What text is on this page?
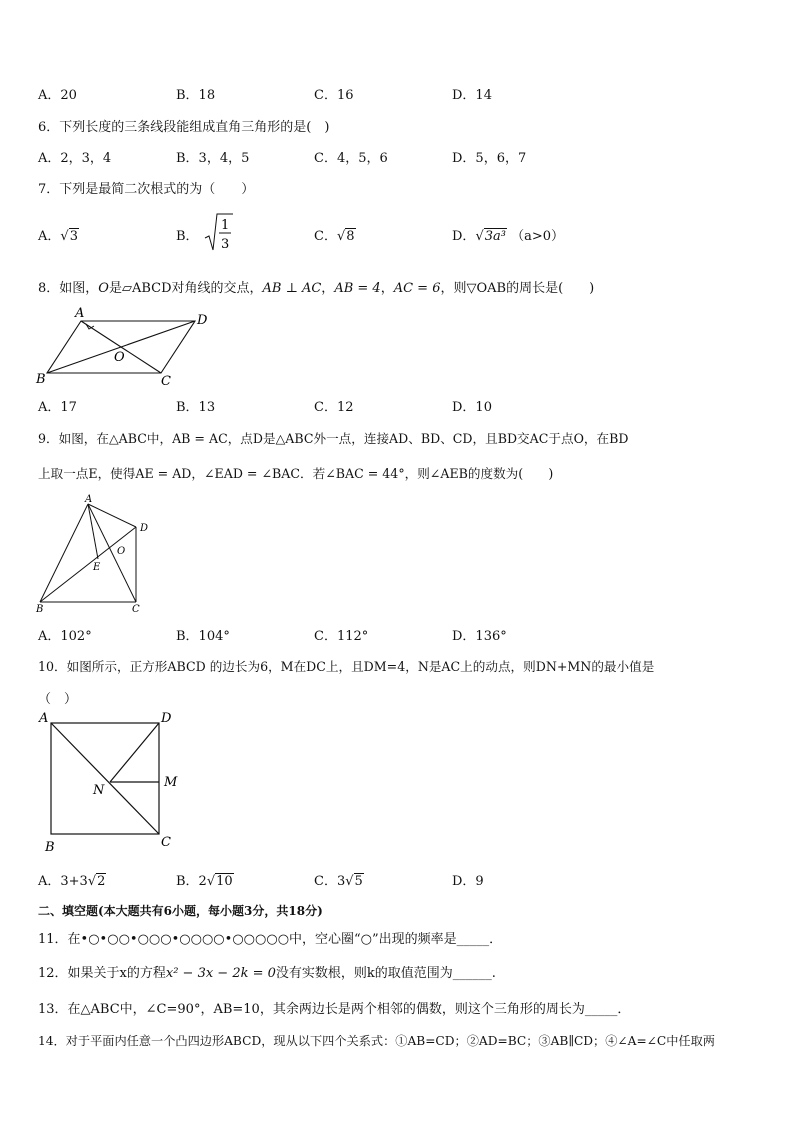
A．20	B．18	C．16	D．14
6．下列长度的三条线段能组成直角三角形的是(　)
A．2，3，4	B．3，4，5	C．4，5，6	D．5，6，7
7．下列是最简二次根式的为（　　）
A．√3	B．
1
3
C．√8	D．√3a³ （a>0）
8．如图，O是▱ABCD对角线的交点，AB ⊥ AC，AB = 4，AC = 6，则▽OAB的周长是(　　)
A	D
O
B	C
A．17	B．13	C．12	D．10
9．如图，在△ABC中，AB = AC，点D是△ABC外一点，连接AD、BD、CD，且BD交AC于点O，在BD
上取一点E，使得AE = AD，∠EAD = ∠BAC．若∠BAC = 44°，则∠AEB的度数为(　　)
A
D
O
E
B	C
A．102°	B．104°	C．112°	D．136°
10．如图所示，正方形ABCD 的边长为6，M在DC上，且DM=4，N是AC上的动点，则DN+MN的最小值是
（　）
A	D
M
N
B	C
A．3+3√2	B．2√10	C．3√5	D．9
二、填空题(本大题共有6小题，每小题3分，共18分)
11．在•○•○○•○○○•○○○○•○○○○○中，空心圈“○”出现的频率是_____．
12．如果关于x的方程x² − 3x − 2k = 0没有实数根，则k的取值范围为______.
13．在△ABC中，∠C=90°，AB=10，其余两边长是两个相邻的偶数，则这个三角形的周长为_____．
14．对于平面内任意一个凸四边形ABCD，现从以下四个关系式：①AB=CD；②AD=BC；③AB∥CD；④∠A=∠C中任取两
